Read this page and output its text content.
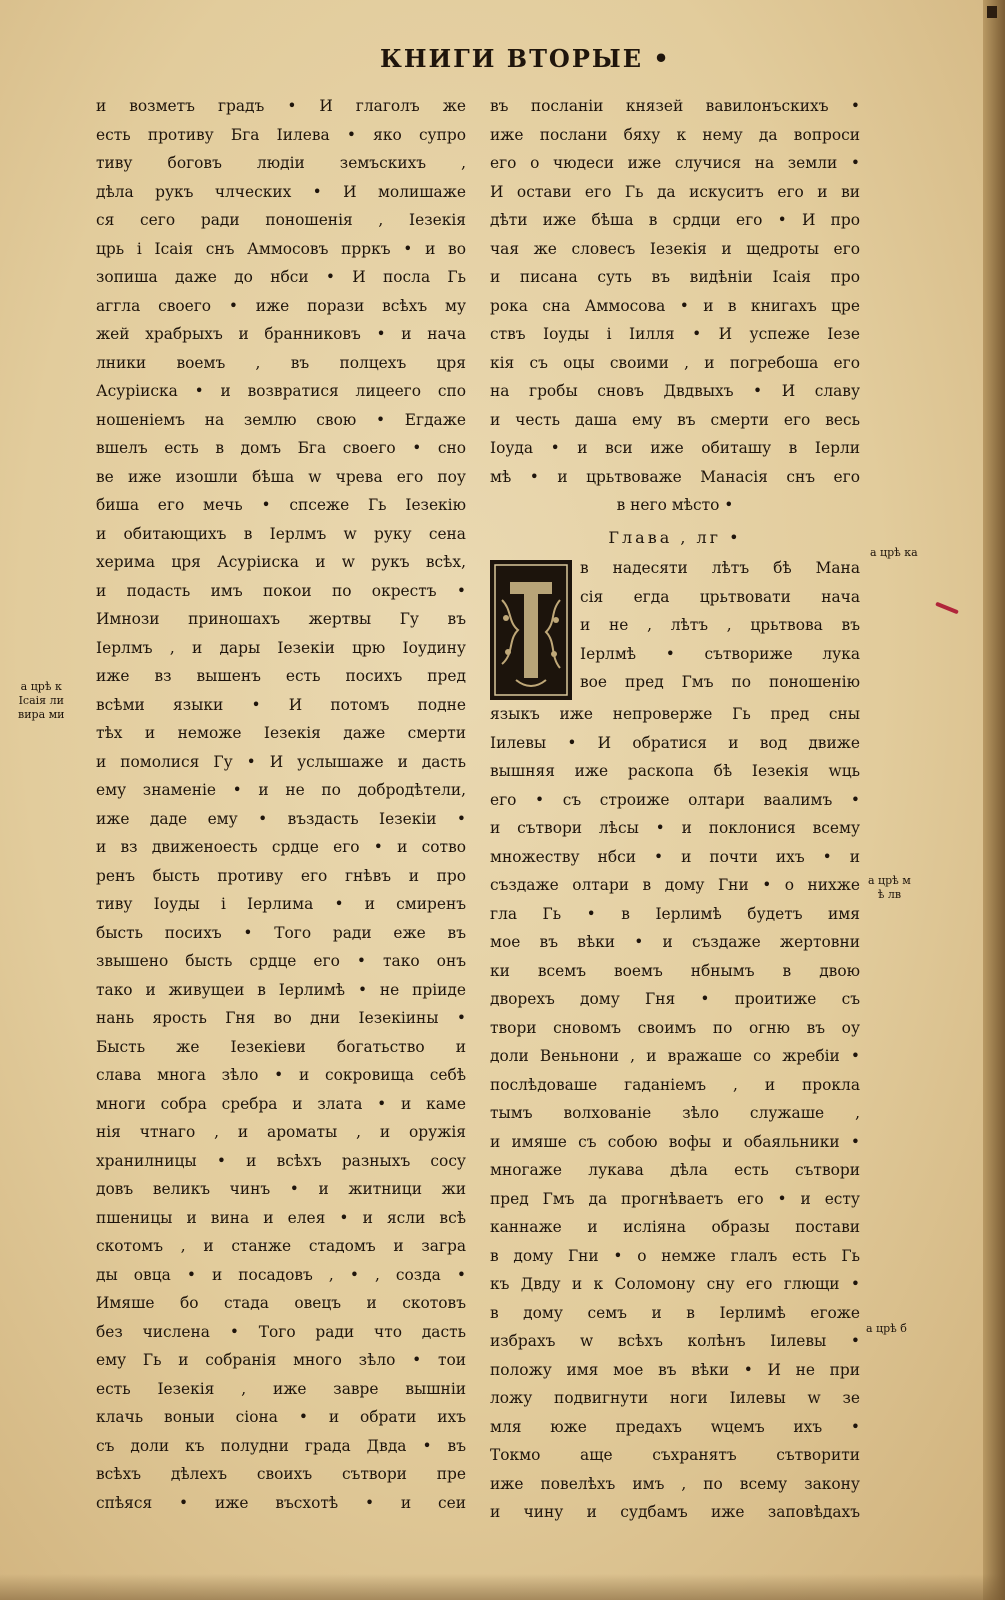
КНИГИ ВТОРЫЕ •
и возметъ градъ • И глаголъ же
есть противу Бга Iилева • яко супро
тиву боговъ людiи земъскихъ ,
дѣла рукъ члческих • И молишаже
ся сего ради поношенiя , Iезекiя
црь i Iсаiя снъ Аммосовъ прркъ • и во
зопиша даже до нбси • И посла Гь
агглa своего • иже порази всѣхъ му
жей храбрыхъ и бранниковъ • и нача
лники воемъ , въ полцехъ цря
Асурiиска • и возвратися лицеего спо
ношенiемъ на землю свою • Егдаже
вшелъ есть в домъ Бга своего • сно
ве иже изошли бѣша w чрева его поу
биша его мечь • спсеже Гь Iезекiю
и обитающихъ в Iерлмъ w руку сена
херима цря Асурiиска и w рукъ всѣх,
и подасть имъ покои по окрестъ •
Имнози приношахъ жертвы Гу въ
Iерлмъ , и дары Iезекiи црю Iоудину
иже вз вышенъ есть посихъ пред
всѣми языки • И потомъ подне
тѣх и неможе Iезекiя даже смерти
и помолися Гу • И услышаже и дасть
ему знаменiе • и не по добродѣтели,
иже даде ему • въздасть Iезекiи •
и вз движеноесть срдце его • и сотво
ренъ бысть противу его гнѣвъ и про
тиву Iоуды i Iерлима • и смиренъ
бысть посихъ • Того ради еже въ
звышено бысть срдце его • тако онъ
тако и живущеи в Iерлимѣ • не прiиде
нань ярость Гня во дни Iезекiины •
Бысть же Iезекiеви богатьство и
слава многа зѣло • и сокровища себѣ
многи собра сребра и злата • и каме
нiя чтнаго , и ароматы , и оружiя
хранилницы • и всѣхъ разныхъ сосу
довъ великъ чинъ • и житници жи
пшеницы и вина и елея • и ясли всѣ
скотомъ , и станже стадомъ и загра
ды овца • и посадовъ , • , созда •
Имяше бо стада овецъ и скотовъ
без числена • Того ради что дасть
ему Гь и собранiя много зѣло • тои
есть Iезекiя , иже заврe вышнiи
клачь воныи сiона • и обрати ихъ
съ доли къ полудни града Двда • въ
всѣхъ дѣлехъ своихъ сътвори пре
спѣяся • иже въсхотѣ • и сеи
въ посланiи князей вавилонъскихъ •
иже послани бяху к нему да вопроси
его о чюдеси иже случися на земли •
И остави его Гь да искуситъ его и ви
дѣти иже бѣша в срдци его • И про
чая же словесъ Iезекiя и щедроты его
и писана суть въ видѣнiи Iсаiя про
рока сна Аммосова • и в книгахъ цре
ствъ Iоуды i Iилля • И успеже Iезе
кiя съ оцы своими , и погребоша его
на гробы сновъ Двдвыхъ • И славу
и честь даша ему въ смерти его весь
Iоуда • и вси иже обиташу в Iерли
мѣ • и црьтвоваже Манасiя снъ его
в него мѣсто •
Глaва , лг •
в надесяти лѣтъ бѣ Мана
сiя егда црьтвовати нача
и не , лѣтъ , црьтвова въ
Iерлмѣ • сътвориже лука
вое пред Гмъ по поношенiю
языкъ иже непровержe Гь пред сны
Iилевы • И обратися и вод движе
вышняя иже раскопа бѣ Iезекiя wць
его • съ строиже олтари ваалимъ •
и сътвори лѣсы • и поклонися всему
множеству нбси • и почти ихъ • и
създаже олтари в дому Гни • о нихже
гла Гь • в Iерлимѣ будетъ имя
мое въ вѣки • и създаже жертовни
ки всемъ воемъ нбнымъ в двою
дворехъ дому Гня • проитиже съ
твори сновомъ своимъ по огню въ оу
доли Веньнони , и вражаше со жребiи •
послѣдоваше гаданiемъ , и проклa
тымъ волхованiе зѣло служаше ,
и имяше съ собою вофы и обаяльники •
многаже лукава дѣла есть сътвори
пред Гмъ да прогнѣваетъ его • и есту
каннаже и ислiяна образы постави
в дому Гни • о немже глалъ есть Гь
къ Двду и к Соломону сну его глющи •
в дому семъ и в Iерлимѣ егоже
избрахъ w всѣхъ колѣнъ Iилевы •
положу имя мое въ вѣки • И не при
ложу подвигнути ноги Iилевы w зе
мля юже предахъ wцемъ ихъ •
Токмо аще съхранятъ сътворити
иже повелѣхъ имъ , по всему закону
и чину и судбамъ иже заповѣдахъ
а црѣ к
Iсаiя ли
вира ми
а црѣ ка
а црѣ м
ѣ лв
а црѣ б
